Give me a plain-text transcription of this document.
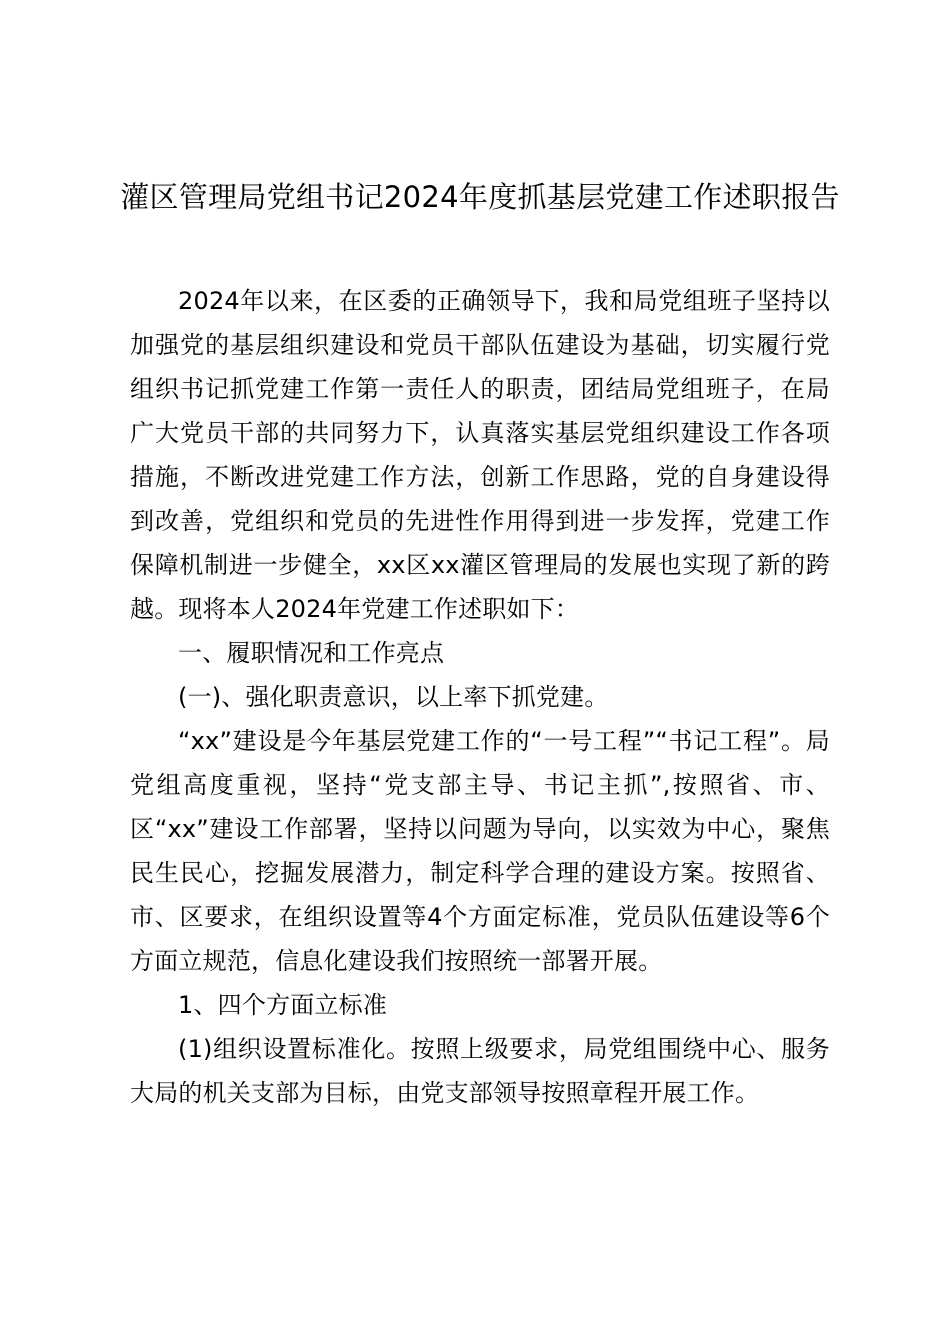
灌区管理局党组书记2024年度抓基层党建工作述职报告

2024年以来，在区委的正确领导下，我和局党组班子坚持以加强党的基层组织建设和党员干部队伍建设为基础，切实履行党组织书记抓党建工作第一责任人的职责，团结局党组班子，在局广大党员干部的共同努力下，认真落实基层党组织建设工作各项措施，不断改进党建工作方法，创新工作思路，党的自身建设得到改善，党组织和党员的先进性作用得到进一步发挥，党建工作保障机制进一步健全，xx区xx灌区管理局的发展也实现了新的跨越。现将本人2024年党建工作述职如下：

一、履职情况和工作亮点

(一)、强化职责意识，以上率下抓党建。

“xx”建设是今年基层党建工作的“一号工程”“书记工程”。局党组高度重视，坚持“党支部主导、书记主抓”,按照省、市、区“xx”建设工作部署，坚持以问题为导向，以实效为中心，聚焦民生民心，挖掘发展潜力，制定科学合理的建设方案。按照省、市、区要求，在组织设置等4个方面定标准，党员队伍建设等6个方面立规范，信息化建设我们按照统一部署开展。

1、四个方面立标准

(1)组织设置标准化。按照上级要求，局党组围绕中心、服务大局的机关支部为目标，由党支部领导按照章程开展工作。
